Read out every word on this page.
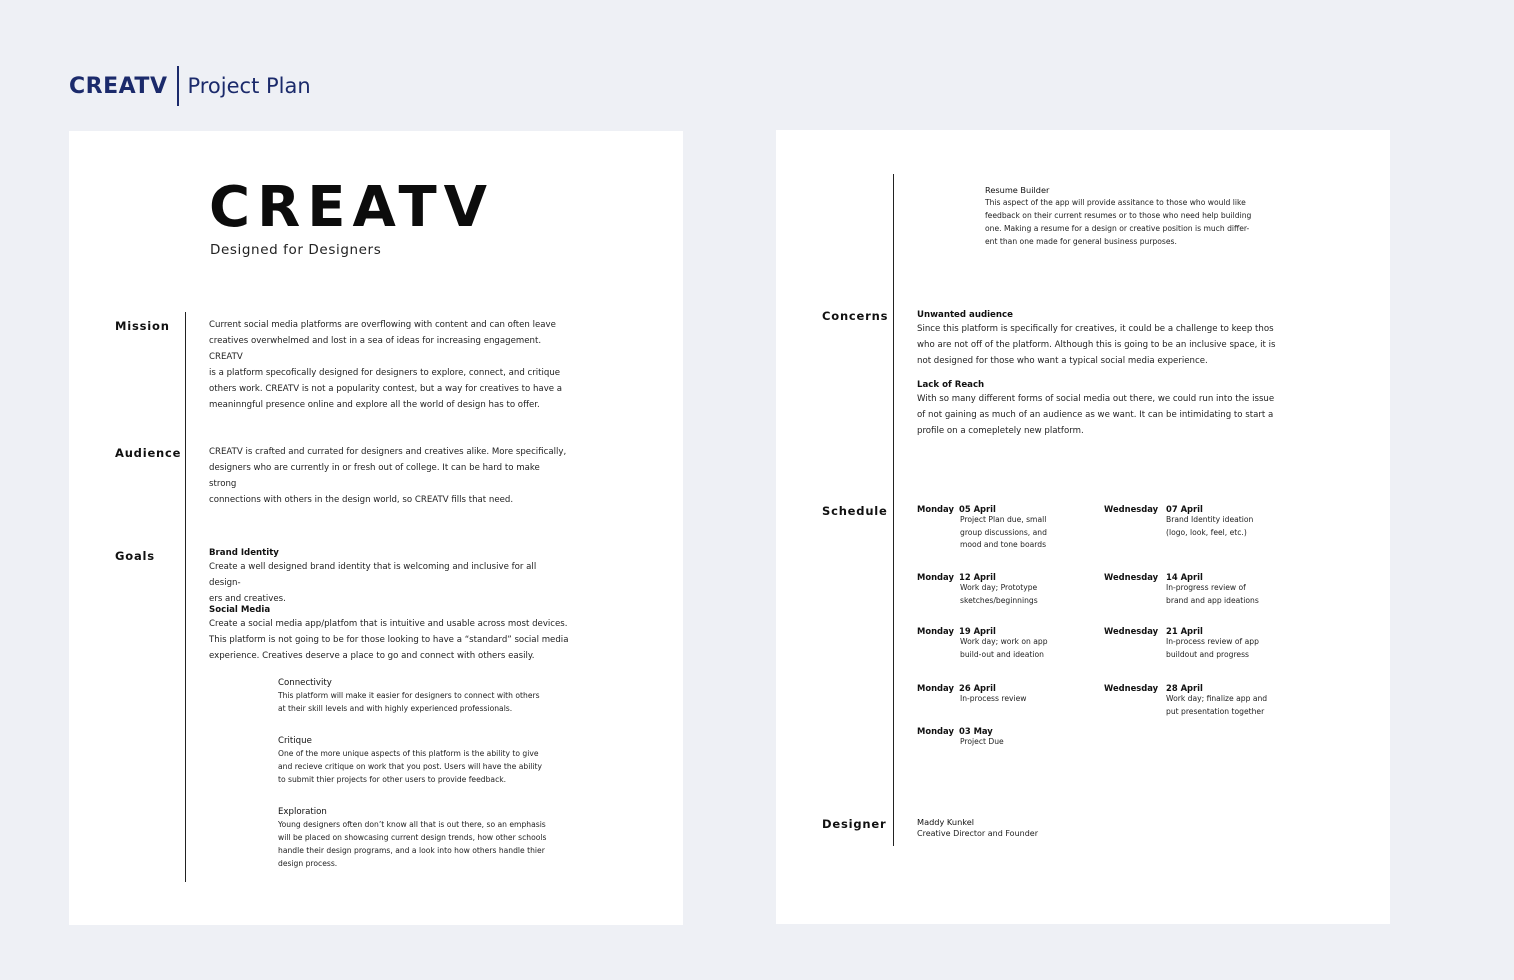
CREATV Project Plan
CREATV
Designed for Designers
Mission	Current social media platforms are overflowing with content and can often leave
creatives overwhelmed and lost in a sea of ideas for increasing engagement. CREATV
is a platform specofically designed for designers to explore, connect, and critique
others work. CREATV is not a popularity contest, but a way for creatives to have a
meaninngful presence online and explore all the world of design has to offer.
Audience	CREATV is crafted and currated for designers and creatives alike. More specifically,
designers who are currently in or fresh out of college. It can be hard to make strong
connections with others in the design world, so CREATV fills that need.
Goals	Brand Identity
Create a well designed brand identity that is welcoming and inclusive for all design-
ers and creatives.
Social Media
Create a social media app/platfom that is intuitive and usable across most devices.
This platform is not going to be for those looking to have a “standard” social media
experience. Creatives deserve a place to go and connect with others easily.
Connectivity
This platform will make it easier for designers to connect with others
at their skill levels and with highly experienced professionals.
Critique
One of the more unique aspects of this platform is the ability to give
and recieve critique on work that you post. Users will have the ability
to submit thier projects for other users to provide feedback.
Exploration
Young designers often don’t know all that is out there, so an emphasis
will be placed on showcasing current design trends, how other schools
handle their design programs, and a look into how others handle thier
design process.
Resume Builder
This aspect of the app will provide assitance to those who would like
feedback on their current resumes or to those who need help building
one. Making a resume for a design or creative position is much differ-
ent than one made for general business purposes.
Concerns	Unwanted audience
Since this platform is specifically for creatives, it could be a challenge to keep thos
who are not off of the platform. Although this is going to be an inclusive space, it is
not designed for those who want a typical social media experience.
Lack of Reach
With so many different forms of social media out there, we could run into the issue
of not gaining as much of an audience as we want. It can be intimidating to start a
profile on a comepletely new platform.
Schedule	Monday 05 April
Project Plan due, small
group discussions, and
mood and tone boards
Wednesday 07 April
Brand Identity ideation
(logo, look, feel, etc.)
Monday 12 April
Work day; Prototype
sketches/beginnings
Wednesday 14 April
In-progress review of
brand and app ideations
Monday 19 April
Work day; work on app
build-out and ideation
Wednesday 21 April
In-process review of app
buildout and progress
Monday 26 April
In-process review
Wednesday 28 April
Work day; finalize app and
put presentation together
Monday 03 May
Project Due
Designer	Maddy Kunkel
Creative Director and Founder
